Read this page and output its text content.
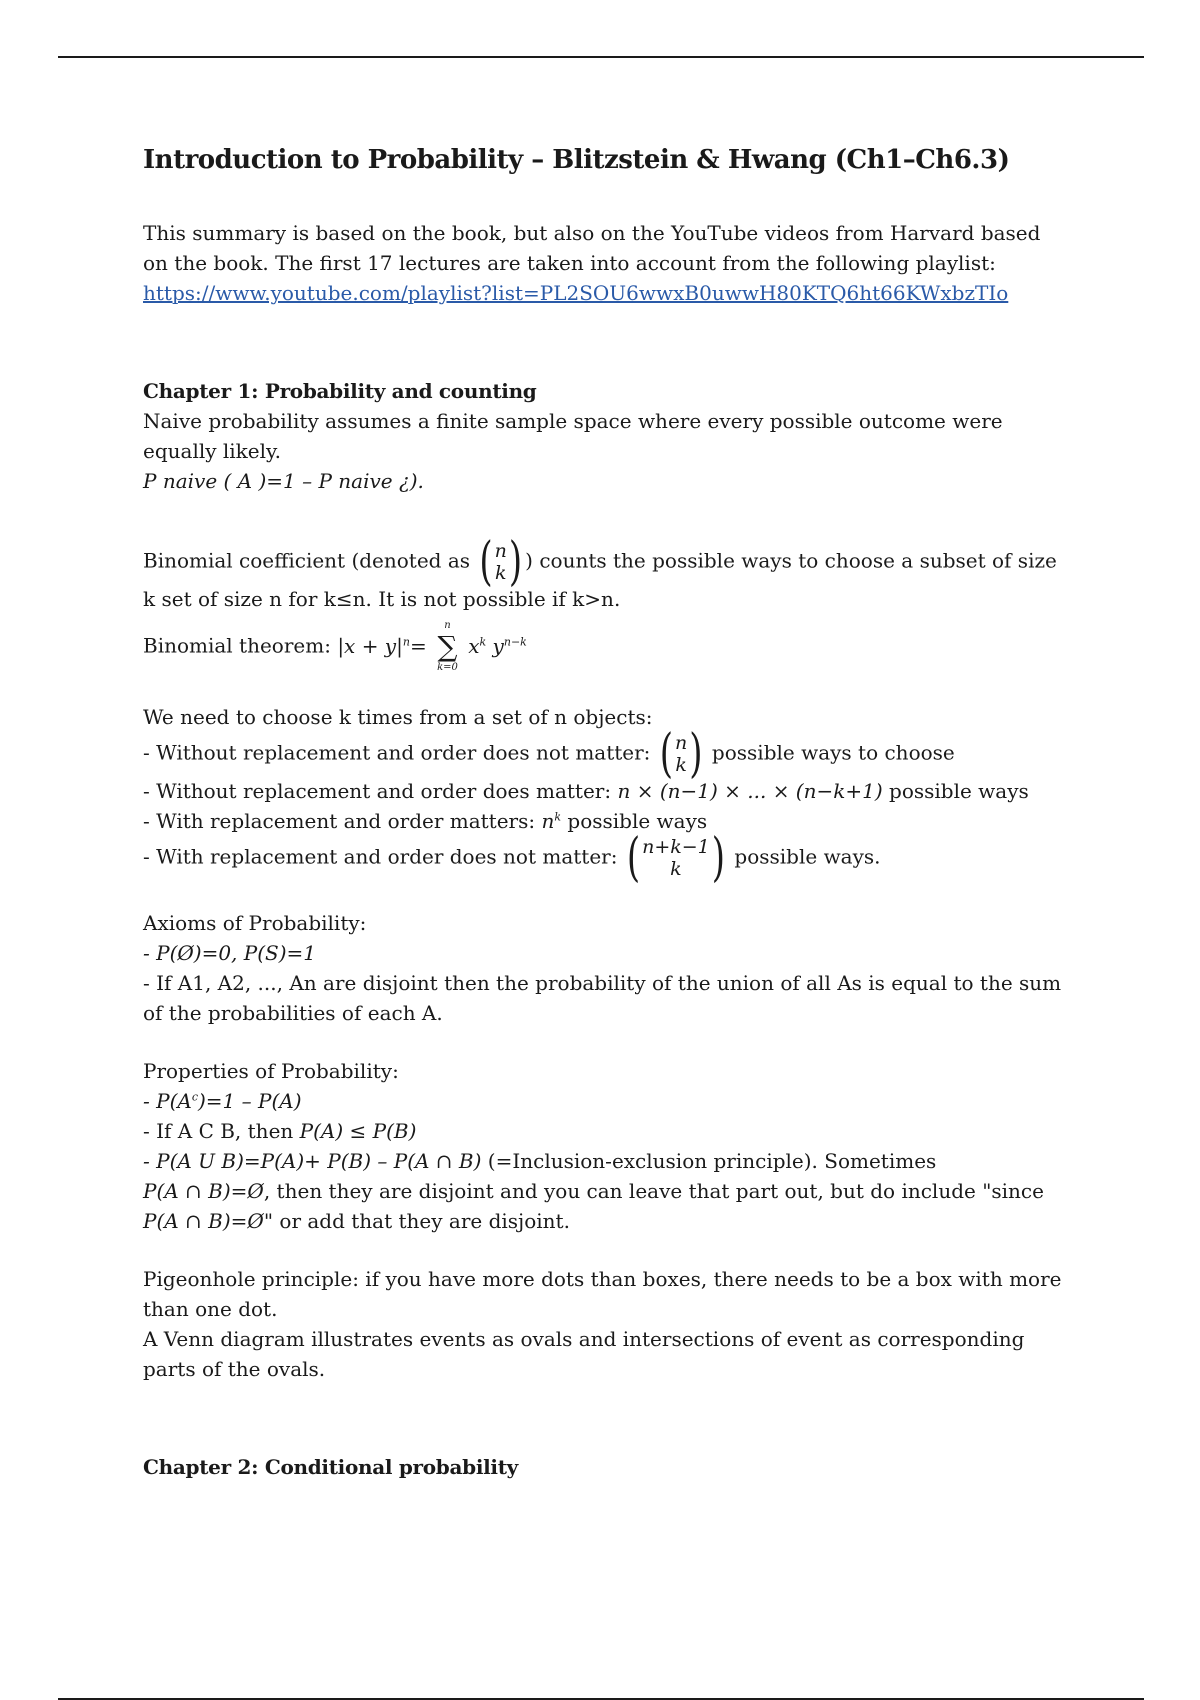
Introduction to Probability – Blitzstein & Hwang (Ch1–Ch6.3)

This summary is based on the book, but also on the YouTube videos from Harvard based on the book. The first 17 lectures are taken into account from the following playlist:

https://www.youtube.com/playlist?list=PL2SOU6wwxB0uwwH80KTQ6ht66KWxbzTIo

Chapter 1: Probability and counting

Naive probability assumes a finite sample space where every possible outcome were equally likely.

P naive ( A )=1 – P naive ¿).

Binomial coefficient (denoted as ( n
k ) ) counts the possible ways to choose a subset of size k set of size n for k≤n. It is not possible if k>n.

Binomial theorem: $|x + y|^n=$
n
∑
k=0
$x^k$ $y^{n-k}$

We need to choose k times from a set of n objects:

- Without replacement and order does not matter: ( n
k ) possible ways to choose

- Without replacement and order does matter: n × (n−1) × ... × (n−k+1) possible ways

- With replacement and order matters: $n^k$ possible ways

- With replacement and order does not matter: ( n+k−1
k ) possible ways.

Axioms of Probability:

- P(Ø)=0, P(S)=1

- If A1, A2, ..., An are disjoint then the probability of the union of all As is equal to the sum of the probabilities of each A.

Properties of Probability:

- $P(A^c)=1 - P(A)$

- If A C B, then P(A) ≤ P(B)

- P(A U B)=P(A)+ P(B) – P(A ∩ B) (=Inclusion-exclusion principle). Sometimes
P(A ∩ B)=Ø, then they are disjoint and you can leave that part out, but do include "since
P(A ∩ B)=Ø" or add that they are disjoint.

Pigeonhole principle: if you have more dots than boxes, there needs to be a box with more than one dot.

A Venn diagram illustrates events as ovals and intersections of event as corresponding parts of the ovals.

Chapter 2: Conditional probability
